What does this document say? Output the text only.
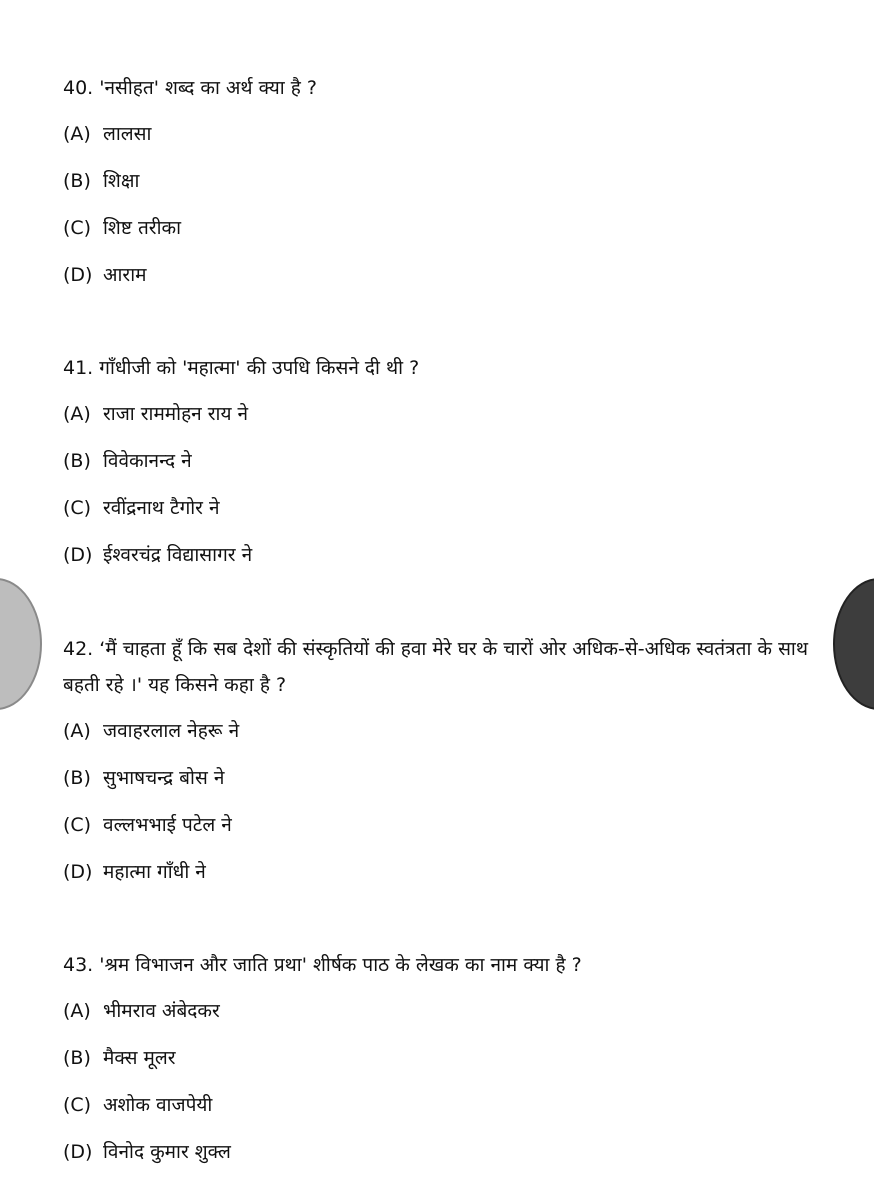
40. 'नसीहत' शब्द का अर्थ क्या है ?

(A) लालसा
(B) शिक्षा
(C) शिष्ट तरीका
(D) आराम

41. गाँधीजी को 'महात्मा' की उपधि किसने दी थी ?

(A) राजा राममोहन राय ने
(B) विवेकानन्द ने
(C) रवींद्रनाथ टैगोर ने
(D) ईश्वरचंद्र विद्यासागर ने

42. ‘मैं चाहता हूँ कि सब देशों की संस्कृतियों की हवा मेरे घर के चारों ओर अधिक-से-अधिक स्वतंत्रता के साथ बहती रहे ।' यह किसने कहा है ?

(A) जवाहरलाल नेहरू ने
(B) सुभाषचन्द्र बोस ने
(C) वल्लभभाई पटेल ने
(D) महात्मा गाँधी ने

43. 'श्रम विभाजन और जाति प्रथा' शीर्षक पाठ के लेखक का नाम क्या है ?

(A) भीमराव अंबेदकर
(B) मैक्स मूलर
(C) अशोक वाजपेयी
(D) विनोद कुमार शुक्ल
